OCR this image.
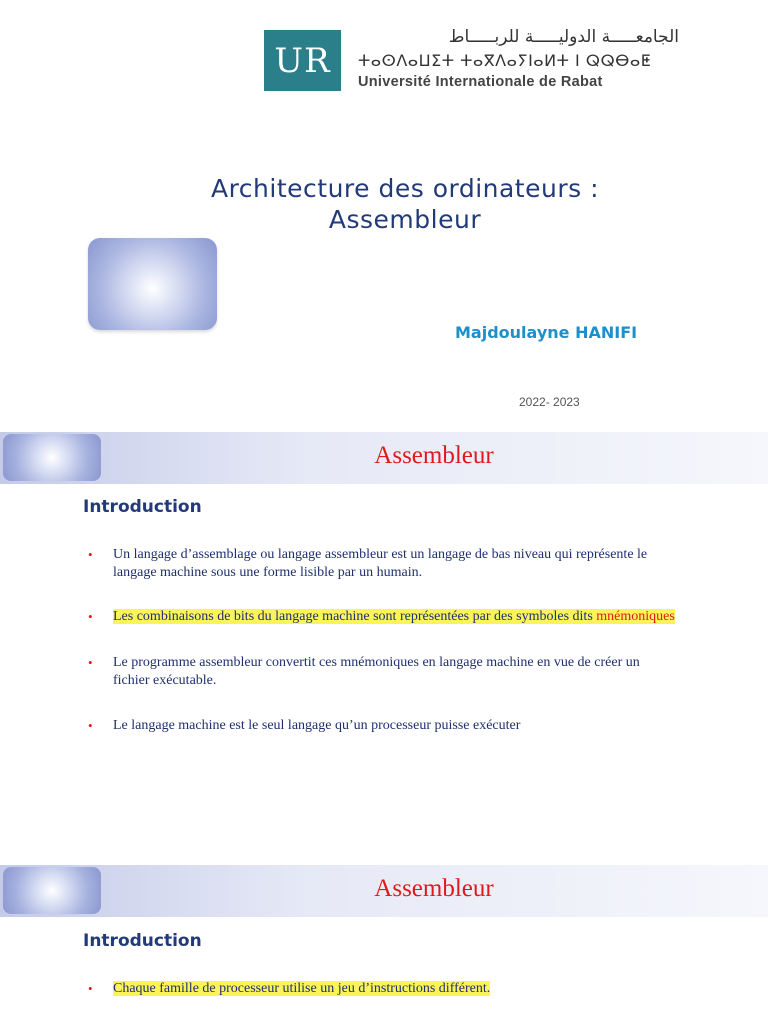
UR
الجامعـــــة الدوليـــــة للربـــــاط
ⵜⴰⵙⴷⴰⵡⵉⵜ ⵜⴰⴳⴷⴰⵢⵏⴰⵍⵜ ⵏ ⵕⵕⴱⴰⵟ
Université Internationale de Rabat
Architecture des ordinateurs :
Assembleur
Majdoulayne HANIFI
2022- 2023
Assembleur
Introduction
• Un langage d’assemblage ou langage assembleur est un langage de bas niveau qui représente le langage machine sous une forme lisible par un humain.
• Les combinaisons de bits du langage machine sont représentées par des symboles dits mnémoniques
• Le programme assembleur convertit ces mnémoniques en langage machine en vue de créer un fichier exécutable.
• Le langage machine est le seul langage qu’un processeur puisse exécuter
Assembleur
Introduction
• Chaque famille de processeur utilise un jeu d’instructions différent.
